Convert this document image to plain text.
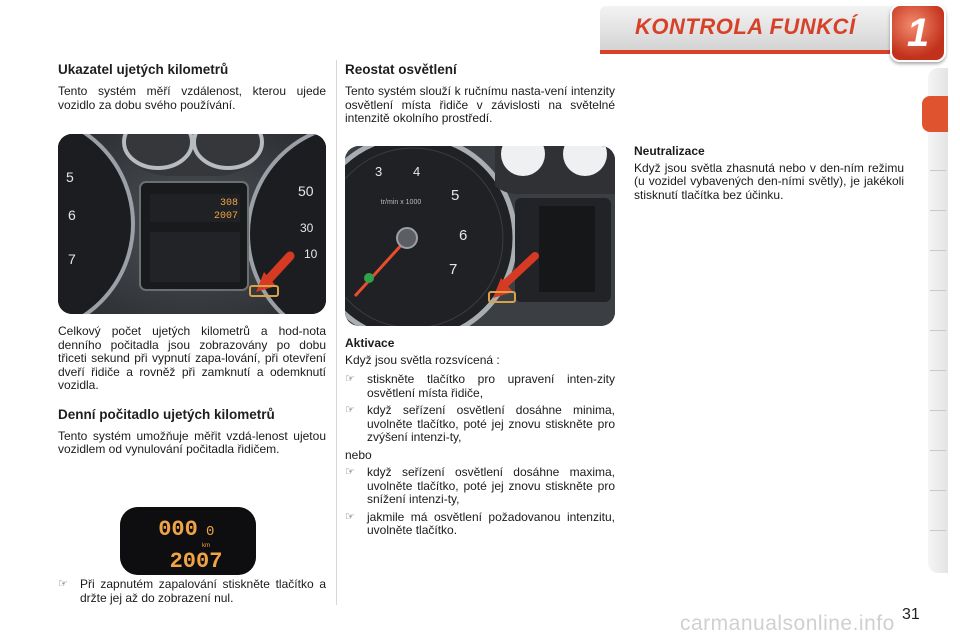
KONTROLA FUNKCÍ	1
Ukazatel ujetých kilometrů

Tento systém měří vzdálenost, kterou ujede vozidlo za dobu svého používání.

308
2007
5
6
7
50
30
10

Celkový počet ujetých kilometrů a hod-nota denního počitadla jsou zobrazovány po dobu třiceti sekund při vypnutí zapa-lování, při otevření dveří řidiče a rovněž při zamknutí a odemknutí vozidla.

Denní počitadlo ujetých kilometrů

Tento systém umožňuje měřit vzdá-lenost ujetou vozidlem od vynulování počitadla řidičem.

000 0
km
2007
☞	Při zapnutém zapalování stiskněte tlačítko a držte jej až do zobrazení nul.
Reostat osvětlení

Tento systém slouží k ručnímu nasta-vení intenzity osvětlení místa řidiče v závislosti na světelné intenzitě okolního prostředí.

3 4
5
6
7
tr/min x 1000
Aktivace

Když jsou světla rozsvícená :

☞	stiskněte tlačítko pro upravení inten-zity osvětlení místa řidiče,
☞	když seřízení osvětlení dosáhne minima, uvolněte tlačítko, poté jej znovu stiskněte pro zvýšení intenzi-ty,

nebo

☞	když seřízení osvětlení dosáhne maxima, uvolněte tlačítko, poté jej znovu stiskněte pro snížení intenzi-ty,
☞	jakmile má osvětlení požadovanou intenzitu, uvolněte tlačítko.
Neutralizace

Když jsou světla zhasnutá nebo v den-ním režimu (u vozidel vybavených den-ními světly), je jakékoli stisknutí tlačítka bez účinku.

carmanualsonline.info 31
